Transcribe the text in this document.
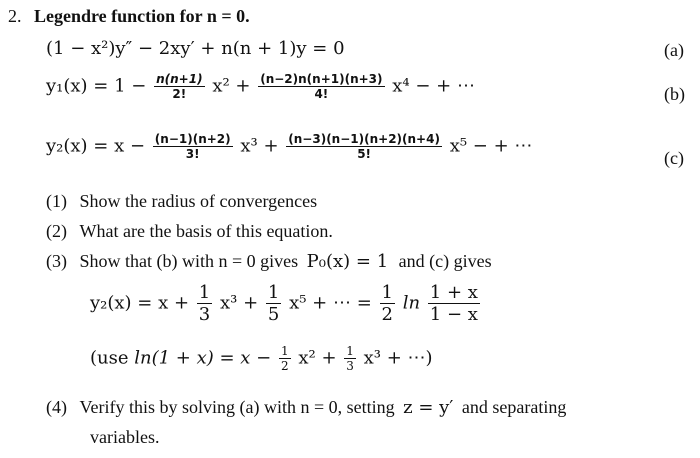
2. Legendre function for n = 0.
(1 − x²)y″ − 2xy′ + n(n + 1)y = 0	(a)
$y_1(x) = 1 - \frac{n(n+1)}{2!} x^2 + \frac{(n-2)n(n+1)(n+3)}{4!} x^4$ − + ⋯	(b)
$y_2(x) = x - \frac{(n-1)(n+2)}{3!} x^3 + \frac{(n-3)(n-1)(n+2)(n+4)}{5!} x^5$ − + ⋯
(c)
(1) Show the radius of convergences
(2) What are the basis of this equation.
(3) Show that (b) with n = 0 gives P₀(x) = 1 and (c) gives
$y_2(x) = x + \frac{1}{3} x^3 + \frac{1}{5} x^5$ + ⋯ = $\frac{1}{2}$ $\ln \frac{1 + x}{1 - x}$
(use $\ln(1 + x) = x - \frac{1}{2} x^2 + \frac{1}{3} x^3$ + ⋯)
(4) Verify this by solving (a) with n = 0, setting z = y′ and separating
variables.
